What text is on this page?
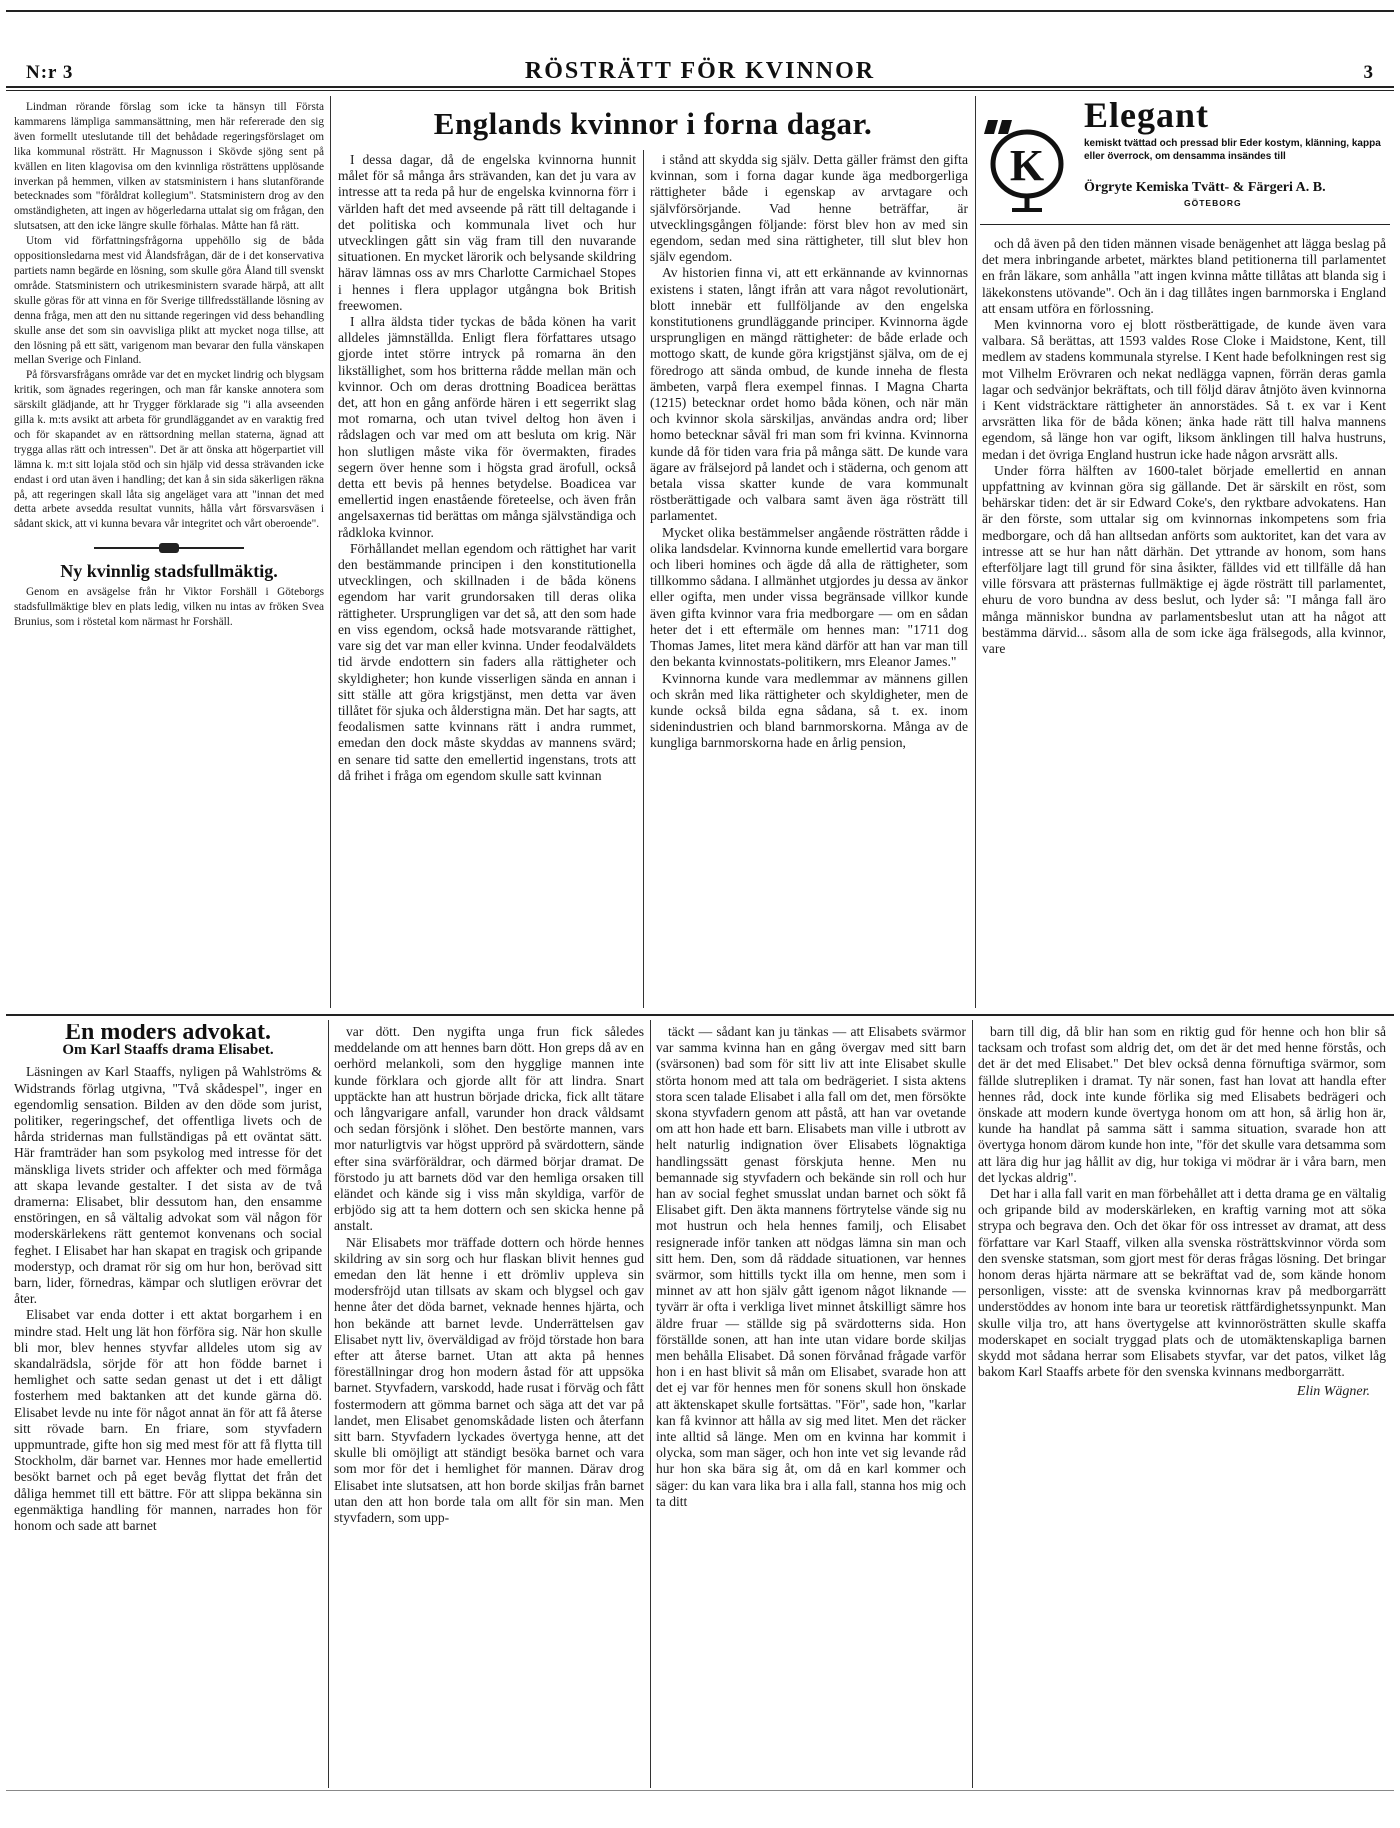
N:r 3	RÖSTRÄTT FÖR KVINNOR	3

Lindman rörande förslag som icke ta hänsyn till Första kammarens lämpliga sammansättning, men här refererade den sig även formellt uteslutande till det behådade regeringsförslaget om lika kommunal rösträtt. Hr Magnusson i Skövde sjöng sent på kvällen en liten klagovisa om den kvinnliga rösträttens upplösande inverkan på hemmen, vilken av statsministern i hans slutanförande betecknades som "föråldrat kollegium". Statsministern drog av den omständigheten, att ingen av högerledarna uttalat sig om frågan, den slutsatsen, att den icke längre skulle förhalas. Måtte han få rätt.

Utom vid författningsfrågorna uppehöllo sig de båda oppositionsledarna mest vid Ålandsfrågan, där de i det konservativa partiets namn begärde en lösning, som skulle göra Åland till svenskt område. Statsministern och utrikesministern svarade härpå, att allt skulle göras för att vinna en för Sverige tillfredsställande lösning av denna fråga, men att den nu sittande regeringen vid dess behandling skulle anse det som sin oavvisliga plikt att mycket noga tillse, att den lösning på ett sätt, varigenom man bevarar den fulla vänskapen mellan Sverige och Finland.

På försvarsfrågans område var det en mycket lindrig och blygsam kritik, som ägnades regeringen, och man får kanske annotera som särskilt glädjande, att hr Trygger förklarade sig "i alla avseenden gilla k. m:ts avsikt att arbeta för grundläggandet av en varaktig fred och för skapandet av en rättsordning mellan staterna, ägnad att trygga allas rätt och intressen". Det är att önska att högerpartiet vill lämna k. m:t sitt lojala stöd och sin hjälp vid dessa strävanden icke endast i ord utan även i handling; det kan å sin sida säkerligen räkna på, att regeringen skall låta sig angeläget vara att "innan det med detta arbete avsedda resultat vunnits, hålla vårt försvarsväsen i sådant skick, att vi kunna bevara vår integritet och vårt oberoende".

Ny kvinnlig stadsfullmäktig.

Genom en avsägelse från hr Viktor Forshäll i Göteborgs stadsfullmäktige blev en plats ledig, vilken nu intas av fröken Svea Brunius, som i röstetal kom närmast hr Forshäll.

Englands kvinnor i forna dagar.

I dessa dagar, då de engelska kvinnorna hunnit målet för så många års strävanden, kan det ju vara av intresse att ta reda på hur de engelska kvinnorna förr i världen haft det med avseende på rätt till deltagande i det politiska och kommunala livet och hur utvecklingen gått sin väg fram till den nuvarande situationen. En mycket lärorik och belysande skildring härav lämnas oss av mrs Charlotte Carmichael Stopes i hennes i flera upplagor utgångna bok British freewomen.

I allra äldsta tider tyckas de båda könen ha varit alldeles jämnställda. Enligt flera författares utsago gjorde intet större intryck på romarna än den likställighet, som hos britterna rådde mellan män och kvinnor. Och om deras drottning Boadicea berättas det, att hon en gång anförde hären i ett segerrikt slag mot romarna, och utan tvivel deltog hon även i rådslagen och var med om att besluta om krig. När hon slutligen måste vika för övermakten, firades segern över henne som i högsta grad ärofull, också detta ett bevis på hennes betydelse. Boadicea var emellertid ingen enastående företeelse, och även från angelsaxernas tid berättas om många självständiga och rådkloka kvinnor.

Förhållandet mellan egendom och rättighet har varit den bestämmande principen i den konstitutionella utvecklingen, och skillnaden i de båda könens egendom har varit grundorsaken till deras olika rättigheter. Ursprungligen var det så, att den som hade en viss egendom, också hade motsvarande rättighet, vare sig det var man eller kvinna. Under feodalväldets tid ärvde endottern sin faders alla rättigheter och skyldigheter; hon kunde visserligen sända en annan i sitt ställe att göra krigstjänst, men detta var även tillåtet för sjuka och ålderstigna män. Det har sagts, att feodalismen satte kvinnans rätt i andra rummet, emedan den dock måste skyddas av mannens svärd; en senare tid satte den emellertid ingenstans, trots att då frihet i fråga om egendom skulle satt kvinnan

i stånd att skydda sig själv. Detta gäller främst den gifta kvinnan, som i forna dagar kunde äga medborgerliga rättigheter både i egenskap av arvtagare och självförsörjande. Vad henne beträffar, är utvecklingsgången följande: först blev hon av med sin egendom, sedan med sina rättigheter, till slut blev hon själv egendom.

Av historien finna vi, att ett erkännande av kvinnornas existens i staten, långt ifrån att vara något revolutionärt, blott innebär ett fullföljande av den engelska konstitutionens grundläggande principer. Kvinnorna ägde ursprungligen en mängd rättigheter: de både erlade och mottogo skatt, de kunde göra krigstjänst själva, om de ej föredrogo att sända ombud, de kunde inneha de flesta ämbeten, varpå flera exempel finnas. I Magna Charta (1215) betecknar ordet homo båda könen, och när män och kvinnor skola särskiljas, användas andra ord; liber homo betecknar såväl fri man som fri kvinna. Kvinnorna kunde då för tiden vara fria på många sätt. De kunde vara ägare av frälsejord på landet och i städerna, och genom att betala vissa skatter kunde de vara kommunalt röstberättigade och valbara samt även äga rösträtt till parlamentet.

Mycket olika bestämmelser angående rösträtten rådde i olika landsdelar. Kvinnorna kunde emellertid vara borgare och liberi homines och ägde då alla de rättigheter, som tillkommo sådana. I allmänhet utgjordes ju dessa av änkor eller ogifta, men under vissa begränsade villkor kunde även gifta kvinnor vara fria medborgare — om en sådan heter det i ett eftermäle om hennes man: "1711 dog Thomas James, litet mera känd därför att han var man till den bekanta kvinnostats-politikern, mrs Eleanor James."

Kvinnorna kunde vara medlemmar av männens gillen och skrån med lika rättigheter och skyldigheter, men de kunde också bilda egna sådana, så t. ex. inom sidenindustrien och bland barnmorskorna. Många av de kungliga barnmorskorna hade en årlig pension,

K
Elegant
kemiskt tvättad och pressad blir Eder kostym, klänning, kappa eller överrock, om densamma insändes till
Örgryte Kemiska Tvätt- & Färgeri A. B.
GÖTEBORG

och då även på den tiden männen visade benägenhet att lägga beslag på det mera inbringande arbetet, märktes bland petitionerna till parlamentet en från läkare, som anhålla "att ingen kvinna måtte tillåtas att blanda sig i läkekonstens utövande". Och än i dag tillåtes ingen barnmorska i England att ensam utföra en förlossning.

Men kvinnorna voro ej blott röstberättigade, de kunde även vara valbara. Så berättas, att 1593 valdes Rose Cloke i Maidstone, Kent, till medlem av stadens kommunala styrelse. I Kent hade befolkningen rest sig mot Vilhelm Erövraren och nekat nedlägga vapnen, förrän deras gamla lagar och sedvänjor bekräftats, och till följd därav åtnjöto även kvinnorna i Kent vidsträcktare rättigheter än annorstädes. Så t. ex var i Kent arvsrätten lika för de båda könen; änka hade rätt till halva mannens egendom, så länge hon var ogift, liksom änklingen till halva hustruns, medan i det övriga England hustrun icke hade någon arvsrätt alls.

Under förra hälften av 1600-talet började emellertid en annan uppfattning av kvinnan göra sig gällande. Det är särskilt en röst, som behärskar tiden: det är sir Edward Coke's, den ryktbare advokatens. Han är den förste, som uttalar sig om kvinnornas inkompetens som fria medborgare, och då han alltsedan anförts som auktoritet, kan det vara av intresse att se hur han nått därhän. Det yttrande av honom, som hans efterföljare lagt till grund för sina åsikter, fälldes vid ett tillfälle då han ville försvara att prästernas fullmäktige ej ägde rösträtt till parlamentet, ehuru de voro bundna av dess beslut, och lyder så: "I många fall äro många människor bundna av parlamentsbeslut utan att ha något att bestämma därvid... såsom alla de som icke äga frälsegods, alla kvinnor, vare

En moders advokat.
Om Karl Staaffs drama Elisabet.

Läsningen av Karl Staaffs, nyligen på Wahlströms & Widstrands förlag utgivna, "Två skådespel", inger en egendomlig sensation. Bilden av den döde som jurist, politiker, regeringschef, det offentliga livets och de hårda stridernas man fullständigas på ett oväntat sätt. Här framträder han som psykolog med intresse för det mänskliga livets strider och affekter och med förmåga att skapa levande gestalter. I det sista av de två dramerna: Elisabet, blir dessutom han, den ensamme enstöringen, en så vältalig advokat som väl någon för moderskärlekens rätt gentemot konvenans och social feghet. I Elisabet har han skapat en tragisk och gripande moderstyp, och dramat rör sig om hur hon, berövad sitt barn, lider, förnedras, kämpar och slutligen erövrar det åter.

Elisabet var enda dotter i ett aktat borgarhem i en mindre stad. Helt ung lät hon förföra sig. När hon skulle bli mor, blev hennes styvfar alldeles utom sig av skandalrädsla, sörjde för att hon födde barnet i hemlighet och satte sedan genast ut det i ett dåligt fosterhem med baktanken att det kunde gärna dö. Elisabet levde nu inte för något annat än för att få återse sitt rövade barn. En friare, som styvfadern uppmuntrade, gifte hon sig med mest för att få flytta till Stockholm, där barnet var. Hennes mor hade emellertid besökt barnet och på eget bevåg flyttat det från det dåliga hemmet till ett bättre. För att slippa bekänna sin egenmäktiga handling för mannen, narrades hon för honom och sade att barnet

var dött. Den nygifta unga frun fick således meddelande om att hennes barn dött. Hon greps då av en oerhörd melankoli, som den hygglige mannen inte kunde förklara och gjorde allt för att lindra. Snart upptäckte han att hustrun började dricka, fick allt tätare och långvarigare anfall, varunder hon drack våldsamt och sedan försjönk i slöhet. Den bestörte mannen, vars mor naturligtvis var högst upprörd på svärdottern, sände efter sina svärföräldrar, och därmed börjar dramat. De förstodo ju att barnets död var den hemliga orsaken till eländet och kände sig i viss mån skyldiga, varför de erbjödo sig att ta hem dottern och sen skicka henne på anstalt.

När Elisabets mor träffade dottern och hörde hennes skildring av sin sorg och hur flaskan blivit hennes gud emedan den lät henne i ett drömliv uppleva sin modersfröjd utan tillsats av skam och blygsel och gav henne åter det döda barnet, veknade hennes hjärta, och hon bekände att barnet levde. Underrättelsen gav Elisabet nytt liv, överväldigad av fröjd törstade hon bara efter att återse barnet. Utan att akta på hennes föreställningar drog hon modern åstad för att uppsöka barnet. Styvfadern, varskodd, hade rusat i förväg och fått fostermodern att gömma barnet och säga att det var på landet, men Elisabet genomskådade listen och återfann sitt barn. Styvfadern lyckades övertyga henne, att det skulle bli omöjligt att ständigt besöka barnet och vara som mor för det i hemlighet för mannen. Därav drog Elisabet inte slutsatsen, att hon borde skiljas från barnet utan den att hon borde tala om allt för sin man. Men styvfadern, som upp-

täckt — sådant kan ju tänkas — att Elisabets svärmor var samma kvinna han en gång övergav med sitt barn (svärsonen) bad som för sitt liv att inte Elisabet skulle störta honom med att tala om bedrägeriet. I sista aktens stora scen talade Elisabet i alla fall om det, men försökte skona styvfadern genom att påstå, att han var ovetande om att hon hade ett barn. Elisabets man ville i utbrott av helt naturlig indignation över Elisabets lögnaktiga handlingssätt genast förskjuta henne. Men nu bemannade sig styvfadern och bekände sin roll och hur han av social feghet smusslat undan barnet och sökt få Elisabet gift. Den äkta mannens förtrytelse vände sig nu mot hustrun och hela hennes familj, och Elisabet resignerade inför tanken att nödgas lämna sin man och sitt hem. Den, som då räddade situationen, var hennes svärmor, som hittills tyckt illa om henne, men som i minnet av att hon själv gått igenom något liknande — tyvärr är ofta i verkliga livet minnet åtskilligt sämre hos äldre fruar — ställde sig på svärdotterns sida. Hon förställde sonen, att han inte utan vidare borde skiljas men behålla Elisabet. Då sonen förvånad frågade varför hon i en hast blivit så mån om Elisabet, svarade hon att det ej var för hennes men för sonens skull hon önskade att äktenskapet skulle fortsättas. "För", sade hon, "karlar kan få kvinnor att hålla av sig med litet. Men det räcker inte alltid så länge. Men om en kvinna har kommit i olycka, som man säger, och hon inte vet sig levande råd hur hon ska bära sig åt, om då en karl kommer och säger: du kan vara lika bra i alla fall, stanna hos mig och ta ditt

barn till dig, då blir han som en riktig gud för henne och hon blir så tacksam och trofast som aldrig det, om det är det med henne förstås, och det är det med Elisabet." Det blev också denna förnuftiga svärmor, som fällde slutrepliken i dramat. Ty när sonen, fast han lovat att handla efter hennes råd, dock inte kunde förlika sig med Elisabets bedrägeri och önskade att modern kunde övertyga honom om att hon, så ärlig hon är, kunde ha handlat på samma sätt i samma situation, svarade hon att övertyga honom därom kunde hon inte, "för det skulle vara detsamma som att lära dig hur jag hållit av dig, hur tokiga vi mödrar är i våra barn, men det lyckas aldrig".

Det har i alla fall varit en man förbehållet att i detta drama ge en vältalig och gripande bild av moderskärleken, en kraftig varning mot att söka strypa och begrava den. Och det ökar för oss intresset av dramat, att dess författare var Karl Staaff, vilken alla svenska rösträttskvinnor vörda som den svenske statsman, som gjort mest för deras frågas lösning. Det bringar honom deras hjärta närmare att se bekräftat vad de, som kände honom personligen, visste: att de svenska kvinnornas krav på medborgarrätt understöddes av honom inte bara ur teoretisk rättfärdighetssynpunkt. Man skulle vilja tro, att hans övertygelse att kvinnorösträtten skulle skaffa moderskapet en socialt tryggad plats och de utomäktenskapliga barnen skydd mot sådana herrar som Elisabets styvfar, var det patos, vilket låg bakom Karl Staaffs arbete för den svenska kvinnans medborgarrätt.

Elin Wägner.
